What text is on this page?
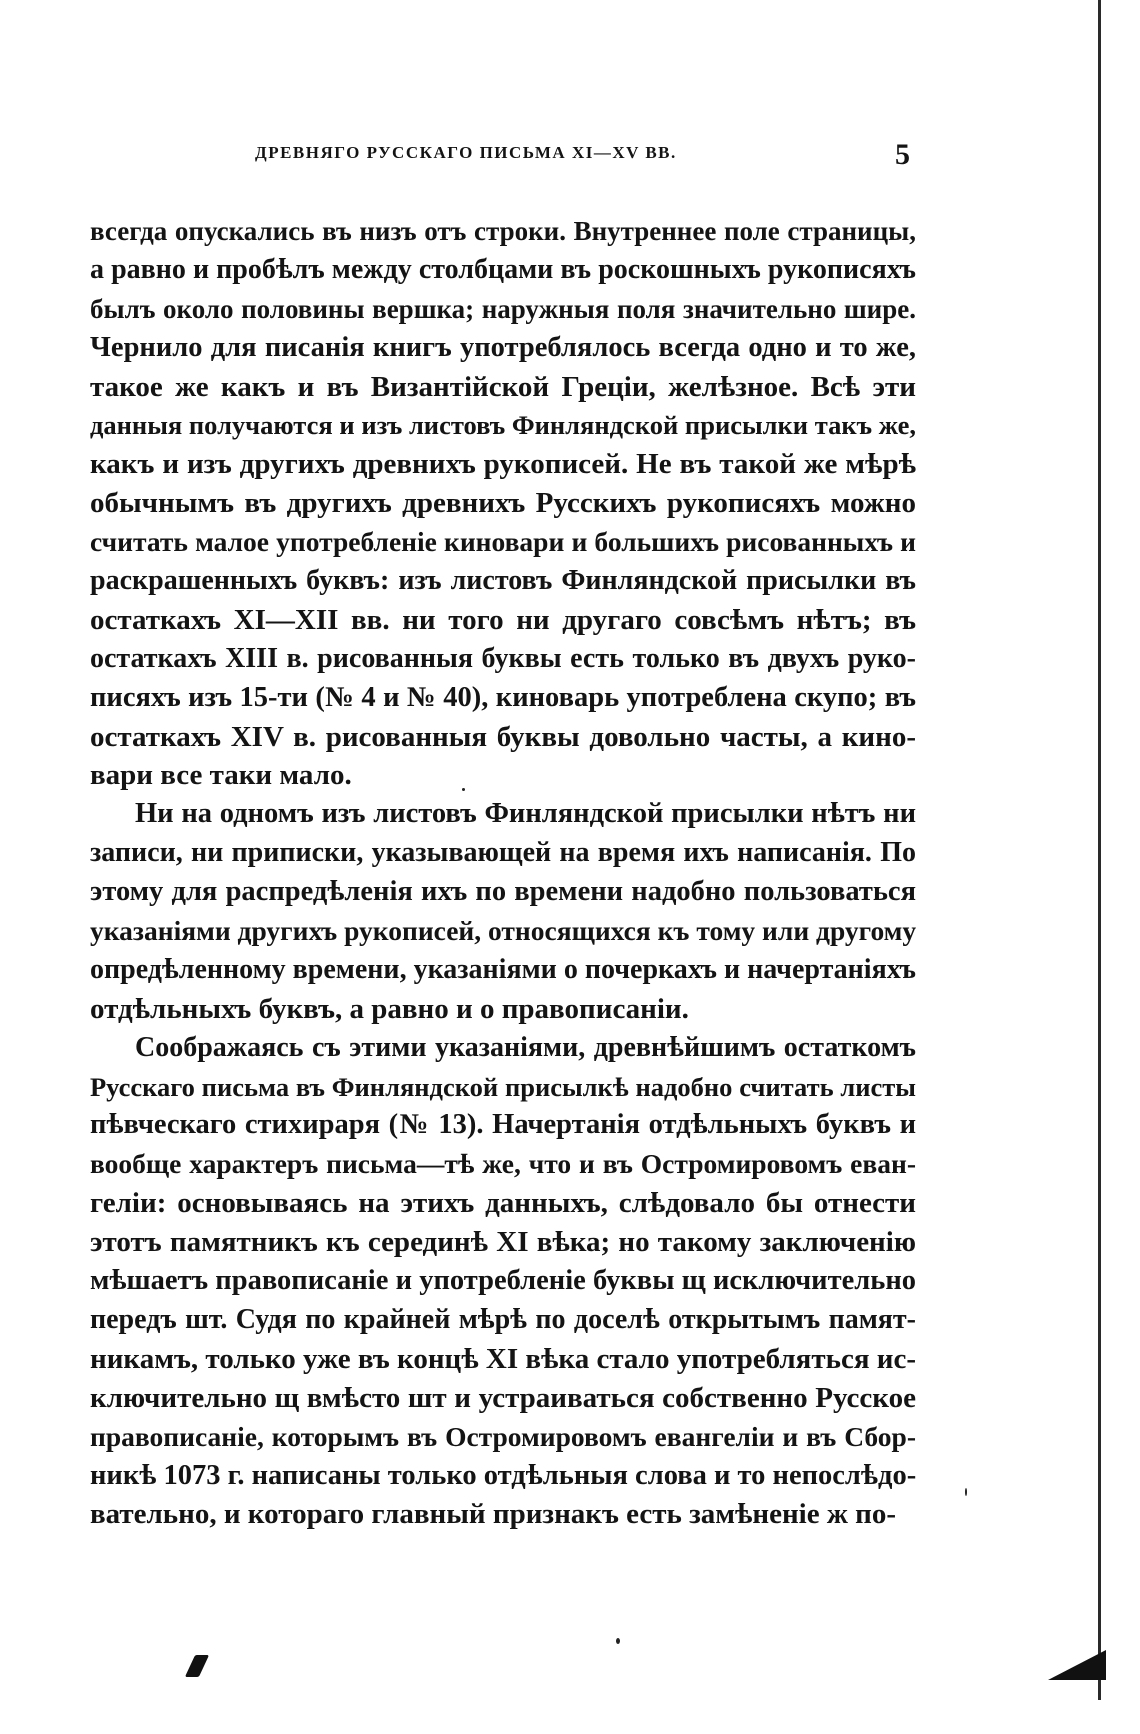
ДРЕВНЯГО РУССКАГО ПИСЬМА XI—XV ВВ.	5
всегда опускались въ низъ отъ строки. Внутреннее поле страницы,
а равно и пробѣлъ между столбцами въ роскошныхъ рукописяхъ
былъ около половины вершка; наружныя поля значительно шире.
Чернило для писанія книгъ употреблялось всегда одно и то же,
такое же какъ и въ Византійской Греціи, желѣзное. Всѣ эти
данныя получаются и изъ листовъ Финляндской присылки такъ же,
какъ и изъ другихъ древнихъ рукописей. Не въ такой же мѣрѣ
обычнымъ въ другихъ древнихъ Русскихъ рукописяхъ можно
считать малое употребленіе киновари и большихъ рисованныхъ и
раскрашенныхъ буквъ: изъ листовъ Финляндской присылки въ
остаткахъ XI—XII вв. ни того ни другаго совсѣмъ нѣтъ; въ
остаткахъ XIII в. рисованныя буквы есть только въ двухъ руко-
писяхъ изъ 15-ти (№ 4 и № 40), киноварь употреблена скупо; въ
остаткахъ XIV в. рисованныя буквы довольно часты, а кино-
вари все таки мало.
Ни на одномъ изъ листовъ Финляндской присылки нѣтъ ни
записи, ни приписки, указывающей на время ихъ написанія. По
этому для распредѣленія ихъ по времени надобно пользоваться
указаніями другихъ рукописей, относящихся къ тому или другому
опредѣленному времени, указаніями о почеркахъ и начертаніяхъ
отдѣльныхъ буквъ, а равно и о правописаніи.
Соображаясь съ этими указаніями, древнѣйшимъ остаткомъ
Русскаго письма въ Финляндской присылкѣ надобно считать листы
пѣвческаго стихираря (№ 13). Начертанія отдѣльныхъ буквъ и
вообще характеръ письма—тѣ же, что и въ Остромировомъ еван-
геліи: основываясь на этихъ данныхъ, слѣдовало бы отнести
этотъ памятникъ къ серединѣ XI вѣка; но такому заключенію
мѣшаетъ правописаніе и употребленіе буквы щ исключительно
передъ шт. Судя по крайней мѣрѣ по доселѣ открытымъ памят-
никамъ, только уже въ концѣ XI вѣка стало употребляться ис-
ключительно щ вмѣсто шт и устраиваться собственно Русское
правописаніе, которымъ въ Остромировомъ евангеліи и въ Сбор-
никѣ 1073 г. написаны только отдѣльныя слова и то непослѣдо-
вательно, и котораго главный признакъ есть замѣненіе ж по-
